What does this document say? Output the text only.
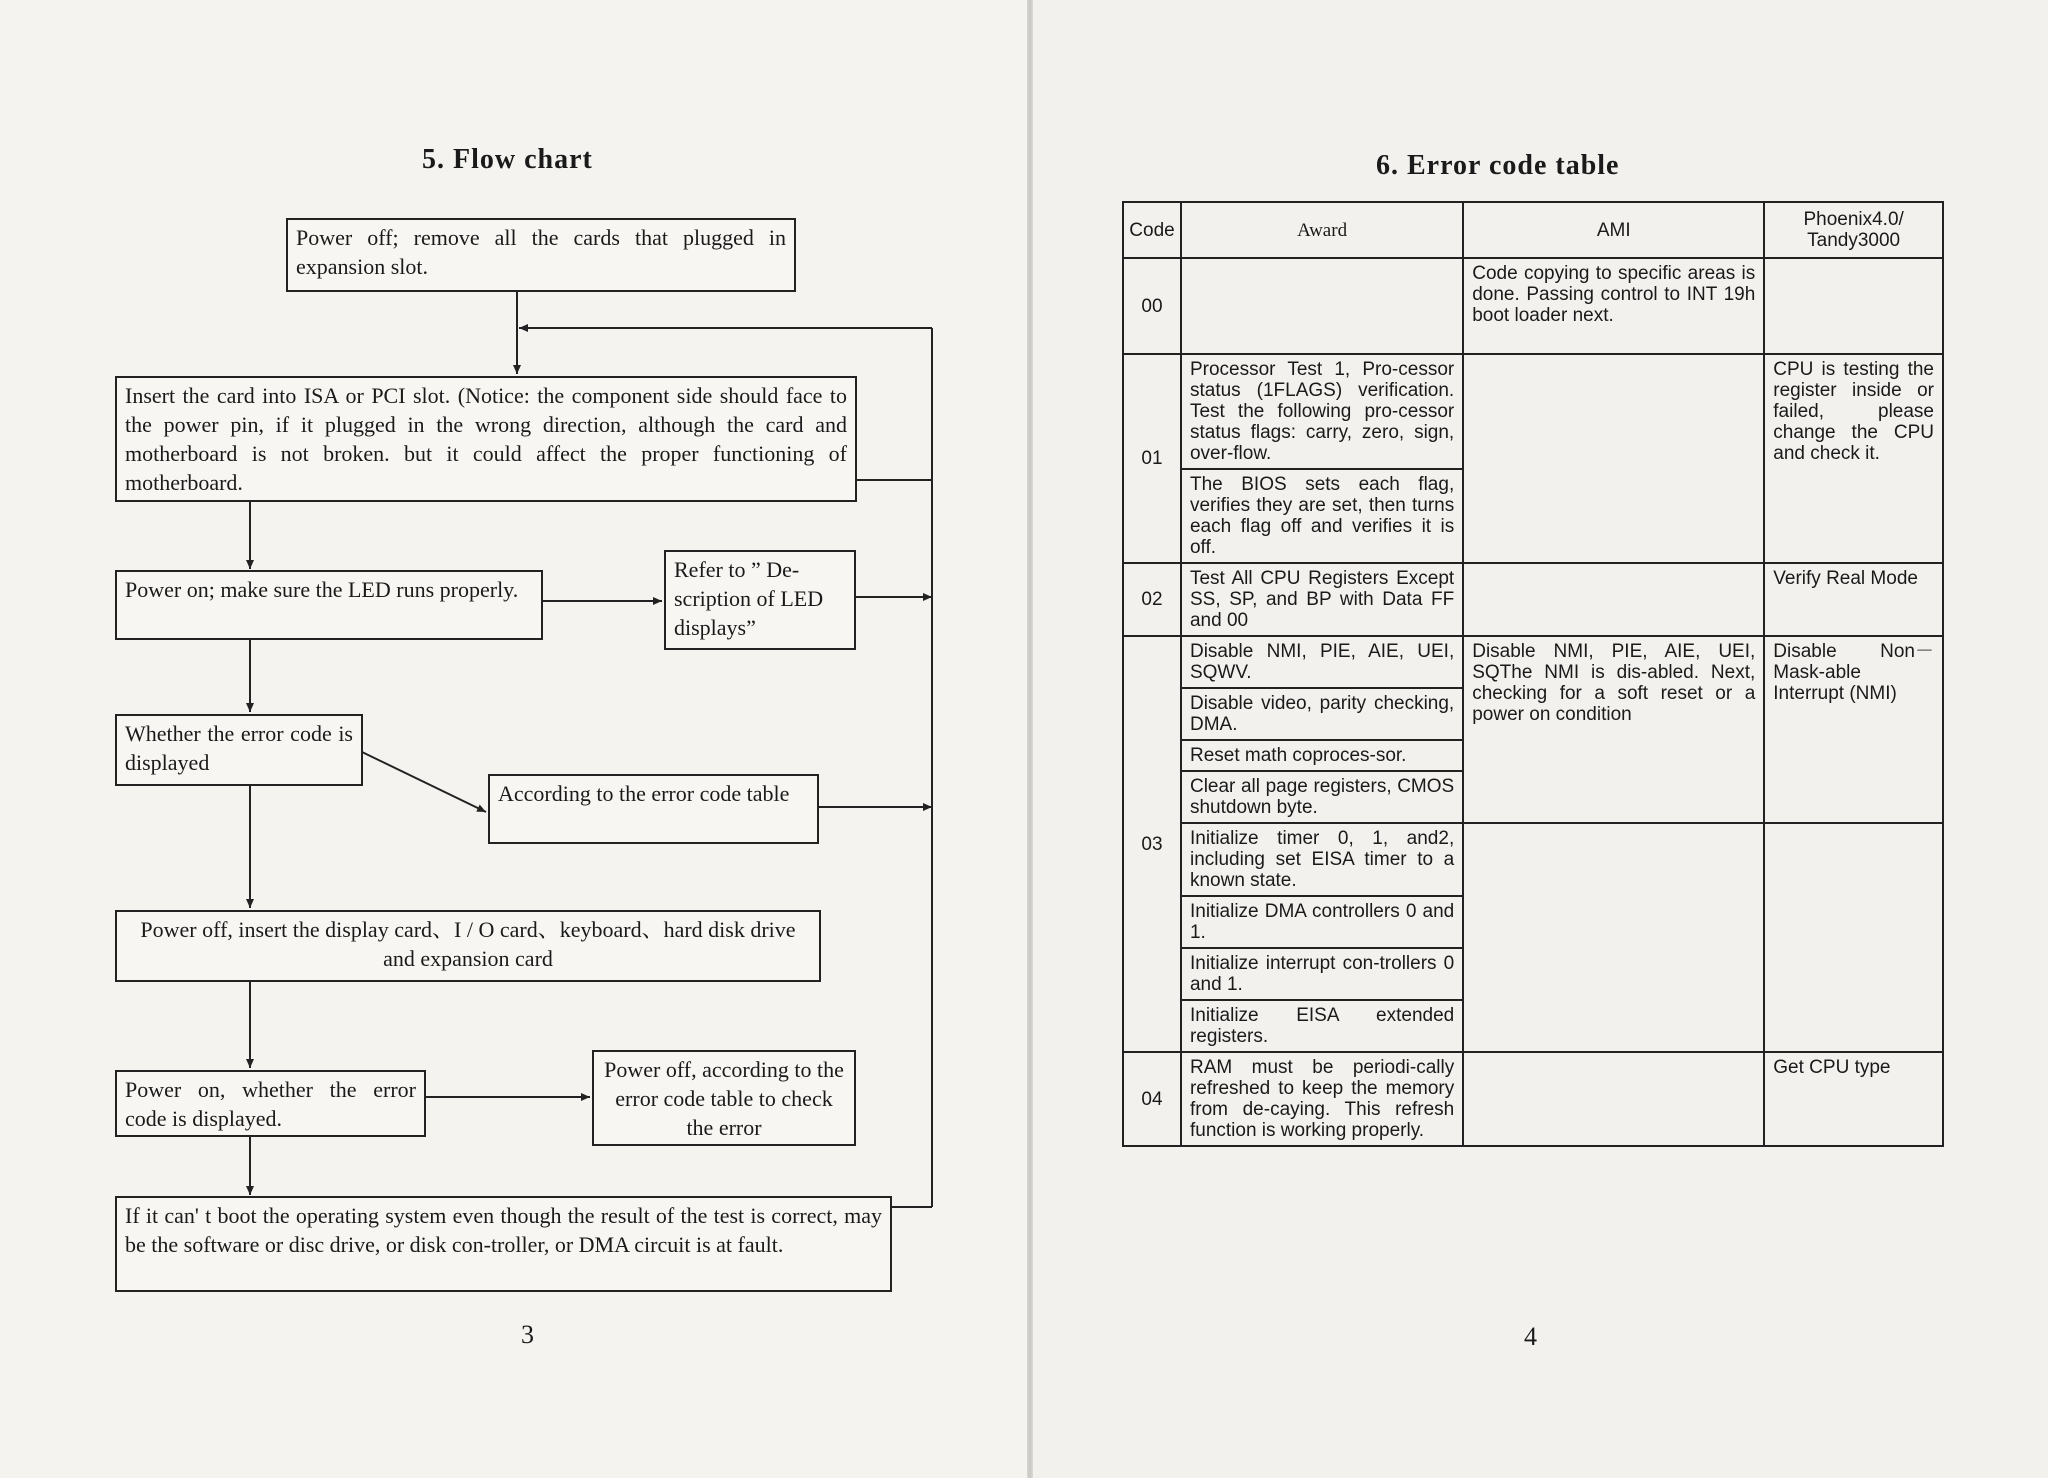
5. Flow chart
Power off; remove all the cards that plugged in expansion slot.
Insert the card into ISA or PCI slot. (Notice: the component side should face to the power pin, if it plugged in the wrong direction, although the card and motherboard is not broken. but it could affect the proper functioning of motherboard.
Power on; make sure the LED runs properly.
Refer to ” De-scription of LED displays”
Whether the error code is displayed
According to the error code table
Power off, insert the display card、I / O card、keyboard、hard disk drive and expansion card
Power on, whether the error code is displayed.
Power off, according to the error code table to check the error
If it can' t boot the operating system even though the result of the test is correct, may be the software or disc drive, or disk con-troller, or DMA circuit is at fault.
3
6. Error code table
Code	Award	AMI	Phoenix4.0/ Tandy3000
00		Code copying to specific areas is done. Passing control to INT 19h boot loader next.	
01	Processor Test 1, Pro-cessor status (1FLAGS) verification. Test the following pro-cessor status flags: carry, zero, sign, over-flow.		CPU is testing the register inside or failed, please change the CPU and check it.
	The BIOS sets each flag, verifies they are set, then turns each flag off and verifies it is off.		
02	Test All CPU Registers Except SS, SP, and BP with Data FF and 00		Verify Real Mode
03	Disable NMI, PIE, AIE, UEI, SQWV.	Disable NMI, PIE, AIE, UEI, SQThe NMI is dis-abled. Next, checking for a soft reset or a power on condition	Disable Non－Mask-able Interrupt (NMI)
	Disable video, parity checking, DMA.		
	Reset math coproces-sor.		
	Clear all page registers, CMOS shutdown byte.		
	Initialize timer 0, 1, and2, including set EISA timer to a known state.		
	Initialize DMA controllers 0 and 1.		
	Initialize interrupt con-trollers 0 and 1.		
	Initialize EISA extended registers.		
04	RAM must be periodi-cally refreshed to keep the memory from de-caying. This refresh function is working properly.		Get CPU type
4
